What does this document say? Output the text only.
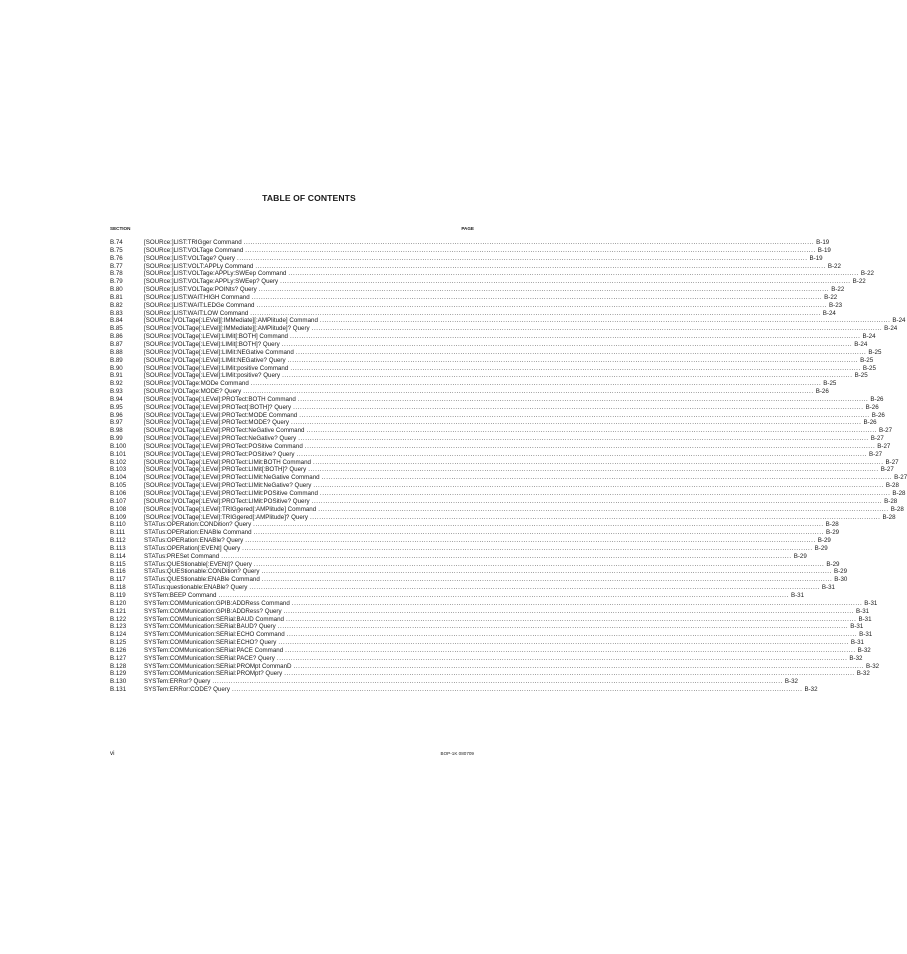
TABLE OF CONTENTS
SECTION	PAGE
B.74	[SOURce:]LIST:TRIGger Command .....	B-19
B.75	[SOURce:]LIST:VOLTage Command .....	B-19
B.76	[SOURce:]LIST:VOLTage? Query .....	B-19
B.77	[SOURce:]LIST:VOLT:APPLy Command .....	B-22
B.78	[SOURce:]LIST:VOLTage:APPLy:SWEep Command .....	B-22
B.79	[SOURce:]LIST:VOLTage:APPLy:SWEep? Query .....	B-22
B.80	[SOURce:]LIST:VOLTage:POINts? Query .....	B-22
B.81	[SOURce:]LIST:WAIT:HIGH Command .....	B-22
B.82	[SOURce:]LIST:WAIT:LEDGe Command .....	B-23
B.83	[SOURce:]LIST:WAIT:LOW Command .....	B-24
B.84	[SOURce:]VOLTage[:LEVel][:IMMediate][:AMPlitude] Command .....	B-24
B.85	[SOURce:]VOLTage[:LEVel][:IMMediate][:AMPlitude]? Query .....	B-24
B.86	[SOURce:]VOLTage[:LEVel]:LIMit[:BOTH] Command .....	B-24
B.87	[SOURce:]VOLTage[:LEVel]:LIMit[:BOTH]? Query .....	B-24
B.88	[SOURce:]VOLTage[:LEVel]:LIMit:NEGative Command .....	B-25
B.89	[SOURce:]VOLTage[:LEVel]:LIMit:NEGative? Query .....	B-25
B.90	[SOURce:]VOLTage[:LEVel]:LIMit:positive Command .....	B-25
B.91	[SOURce:]VOLTage[:LEVel]:LIMit:positive? Query .....	B-25
B.92	[SOURce:]VOLTage:MODe Command .....	B-25
B.93	[SOURce:]VOLTage:MODE? Query .....	B-26
B.94	[SOURce:]VOLTage[:LEVel]:PROTect:BOTH Command .....	B-26
B.95	[SOURce:]VOLTage[:LEVel]:PROTect[:BOTH]? Query .....	B-26
B.96	[SOURce:]VOLTage[:LEVel]:PROTect:MODE Command .....	B-26
B.97	[SOURce:]VOLTage[:LEVel]:PROTect:MODE? Query .....	B-26
B.98	[SOURce:]VOLTage[:LEVel]:PROTect:NeGative Command .....	B-27
B.99	[SOURce:]VOLTage[:LEVel]:PROTect:NeGative? Query .....	B-27
B.100	[SOURce:]VOLTage[:LEVel]:PROTect:POSitive Command .....	B-27
B.101	[SOURce:]VOLTage[:LEVel]:PROTect:POSitive? Query .....	B-27
B.102	[SOURce:]VOLTage[:LEVel]:PROTect:LIMit:BOTH Command .....	B-27
B.103	[SOURce:]VOLTage[:LEVel]:PROTect:LIMit[:BOTH]? Query .....	B-27
B.104	[SOURce:]VOLTage[:LEVel]:PROTect:LIMit:NeGative Command .....	B-27
B.105	[SOURce:]VOLTage[:LEVel]:PROTect:LIMit:NeGative? Query .....	B-28
B.106	[SOURce:]VOLTage[:LEVel]:PROTect:LIMit:POSitive Command .....	B-28
B.107	[SOURce:]VOLTage[:LEVel]:PROTect:LIMit:POSitive? Query .....	B-28
B.108	[SOURce:]VOLTage[:LEVel]:TRIGgered[:AMPlitude] Command .....	B-28
B.109	[SOURce:]VOLTage[:LEVel]:TRIGgered[:AMPlitude]? Query .....	B-28
B.110	STATus:OPERation:CONDition? Query .....	B-28
B.111	STATus:OPERation:ENABle Command .....	B-29
B.112	STATus:OPERation:ENABle? Query .....	B-29
B.113	STATus:OPERation[:EVENt] Query .....	B-29
B.114	STATus:PRESet Command .....	B-29
B.115	STATus:QUEStionable[:EVENt]? Query .....	B-29
B.116	STATus:QUEStionable:CONDition? Query .....	B-29
B.117	STATus:QUEStionable:ENABle Command .....	B-30
B.118	STATus:questionable:ENABle? Query .....	B-31
B.119	SYSTem:BEEP Command .....	B-31
B.120	SYSTem:COMMunication:GPIB:ADDRess Command .....	B-31
B.121	SYSTem:COMMunication:GPIB:ADDRess? Query .....	B-31
B.122	SYSTem:COMMunication:SERial:BAUD Command .....	B-31
B.123	SYSTem:COMMunication:SERial:BAUD? Query .....	B-31
B.124	SYSTem:COMMunication:SERial:ECHO Command .....	B-31
B.125	SYSTem:COMMunication:SERial:ECHO? Query .....	B-31
B.126	SYSTem:COMMunication:SERial:PACE Command .....	B-32
B.127	SYSTem:COMMunication:SERial:PACE? Query .....	B-32
B.128	SYSTem:COMMunication:SERial:PROMpt CommanD .....	B-32
B.129	SYSTem:COMMunication:SERial:PROMpt? Query .....	B-32
B.130	SYSTem:ERRor? Query .....	B-32
B.131	SYSTem:ERRor:CODE? Query .....	B-32
vi	BOP-1K 080709
